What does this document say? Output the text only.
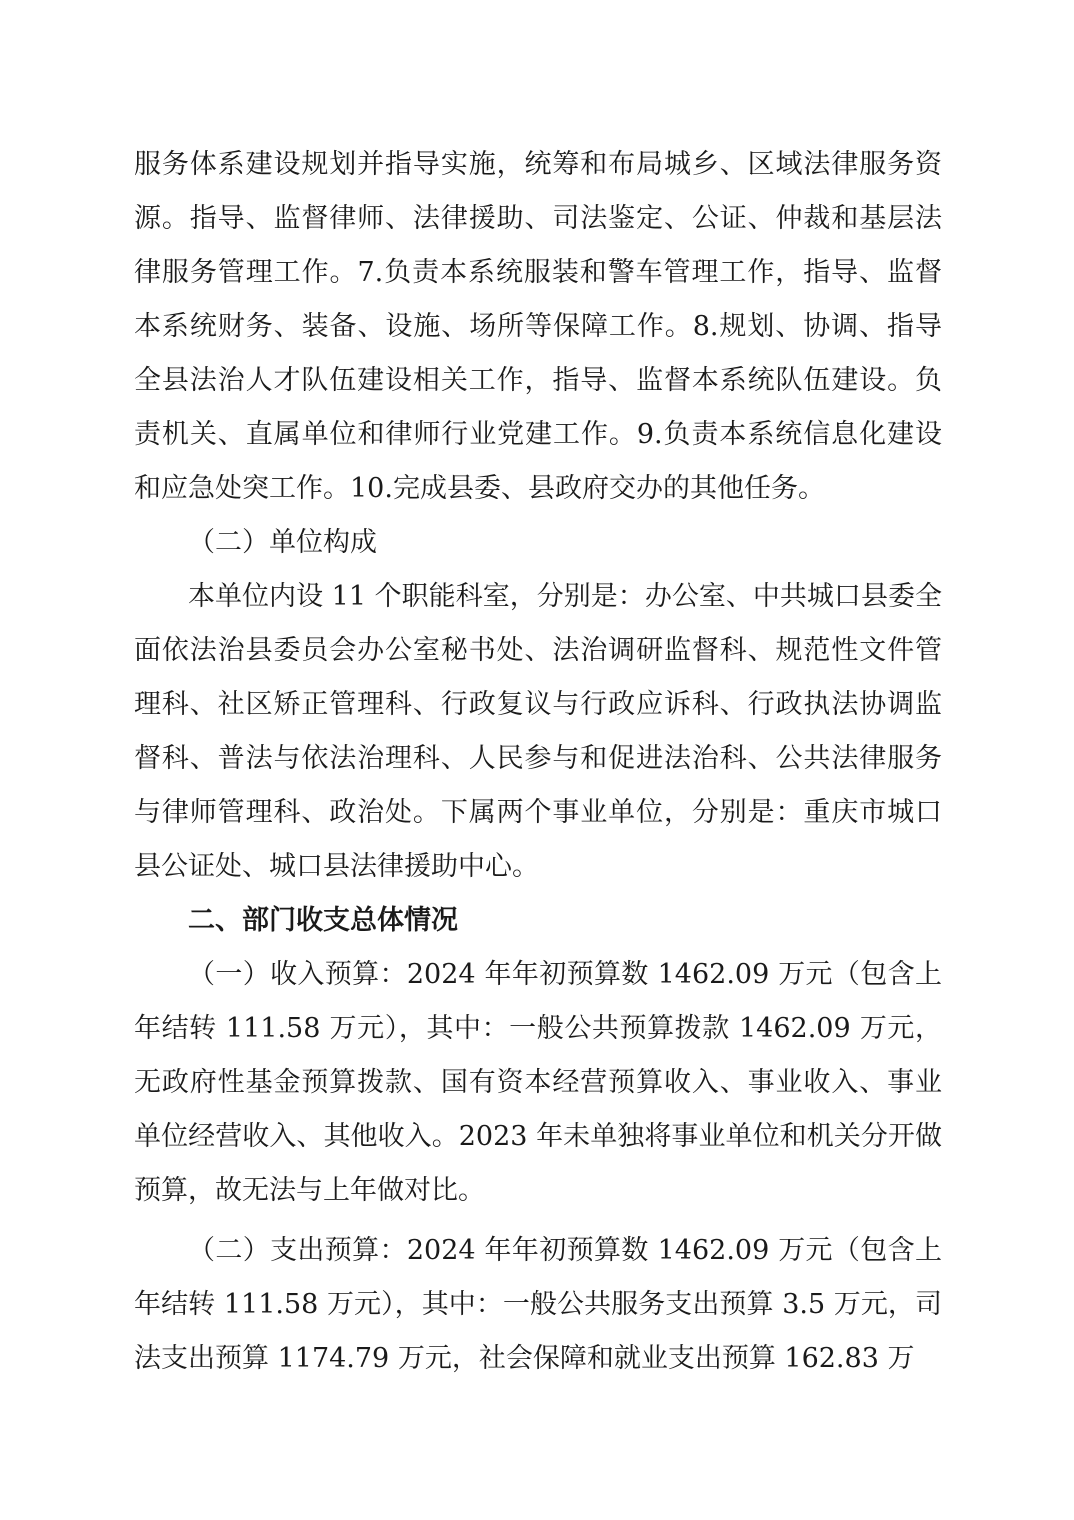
服务体系建设规划并指导实施，统筹和布局城乡、区域法律服务资源。指导、监督律师、法律援助、司法鉴定、公证、仲裁和基层法律服务管理工作。7.负责本系统服装和警车管理工作，指导、监督本系统财务、装备、设施、场所等保障工作。8.规划、协调、指导全县法治人才队伍建设相关工作，指导、监督本系统队伍建设。负责机关、直属单位和律师行业党建工作。9.负责本系统信息化建设和应急处突工作。10.完成县委、县政府交办的其他任务。

（二）单位构成

本单位内设 11 个职能科室，分别是：办公室、中共城口县委全面依法治县委员会办公室秘书处、法治调研监督科、规范性文件管理科、社区矫正管理科、行政复议与行政应诉科、行政执法协调监督科、普法与依法治理科、人民参与和促进法治科、公共法律服务与律师管理科、政治处。下属两个事业单位，分别是：重庆市城口县公证处、城口县法律援助中心。

二、部门收支总体情况

（一）收入预算：2024 年年初预算数 1462.09 万元（包含上年结转 111.58 万元），其中：一般公共预算拨款 1462.09 万元，无政府性基金预算拨款、国有资本经营预算收入、事业收入、事业单位经营收入、其他收入。2023 年未单独将事业单位和机关分开做预算，故无法与上年做对比。

（二）支出预算：2024 年年初预算数 1462.09 万元（包含上年结转 111.58 万元），其中：一般公共服务支出预算 3.5 万元，司法支出预算 1174.79 万元，社会保障和就业支出预算 162.83 万
